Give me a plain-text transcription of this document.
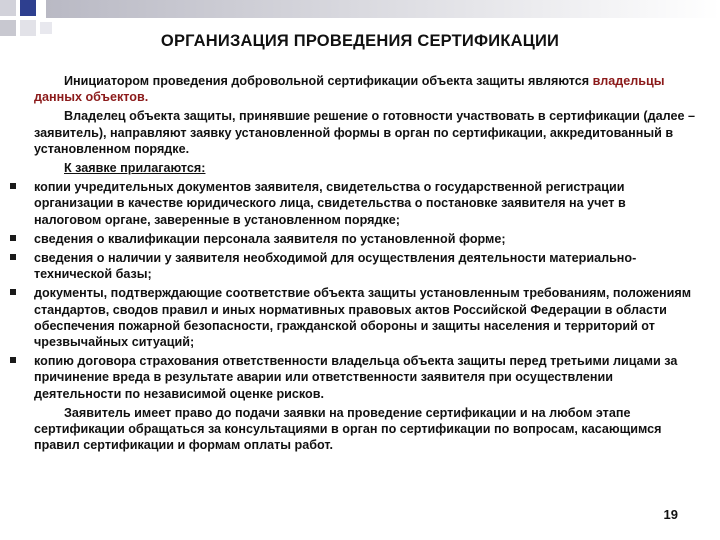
ОРГАНИЗАЦИЯ ПРОВЕДЕНИЯ СЕРТИФИКАЦИИ

Инициатором проведения добровольной сертификации объекта защиты являются владельцы данных объектов.

Владелец объекта защиты, принявшие решение о готовности участвовать в сертификации (далее – заявитель), направляют заявку установленной формы в орган по сертификации, аккредитованный в установленном порядке.

К заявке прилагаются:

копии учредительных документов заявителя, свидетельства о государственной регистрации организации в качестве юридического лица, свидетельства о постановке заявителя на учет в налоговом органе, заверенные в установленном порядке;

сведения о квалификации персонала заявителя по установленной форме;

сведения о наличии у заявителя необходимой для осуществления деятельности материально-технической базы;

документы, подтверждающие соответствие объекта защиты установленным требованиям, положениям стандартов, сводов правил и иных нормативных правовых актов Российской Федерации в области обеспечения пожарной безопасности, гражданской обороны и защиты населения и территорий от чрезвычайных ситуаций;

копию договора страхования ответственности владельца объекта защиты перед третьими лицами за причинение вреда в результате аварии или ответственности заявителя при осуществлении деятельности по независимой оценке рисков.

Заявитель имеет право до подачи заявки на проведение сертификации и на любом этапе сертификации обращаться за консультациями в орган по сертификации по вопросам, касающимся правил сертификации и формам оплаты работ.

19
